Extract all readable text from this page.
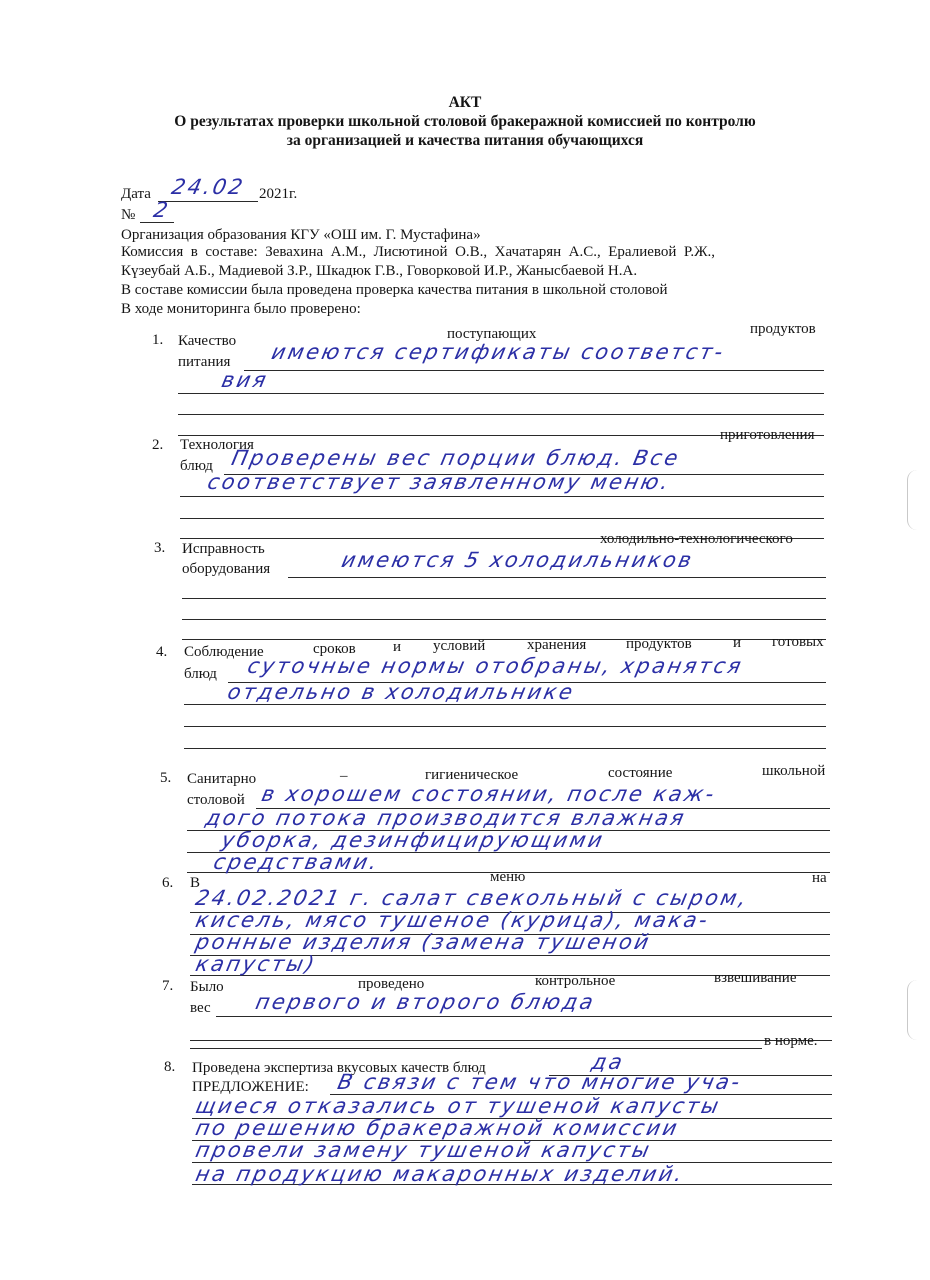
АКТ
О результатах проверки школьной столовой бракеражной комиссией по контролю
за организацией и качества питания обучающихся
Дата 24.02 2021г.
№ 2
Организация образования КГУ «ОШ им. Г. Мустафина»
Комиссия  в  составе:  Зевахина  А.М.,  Лисютиной  О.В.,  Хачатарян  А.С.,  Ералиевой  Р.Ж.,
Күзеубай А.Б., Мадиевой З.Р., Шкадюк Г.В., Говорковой И.Р., Жаныcбаевой Н.А.
В составе комиссии была проведена проверка качества питания в школьной столовой
В ходе мониторинга было проверено:
1. Качество	поступающих	продуктов
питания имеются сертификаты соответст-
вия
2. Технология
приготовления
блюд Проверены вес порции блюд. Все
соответствует заявленному меню.
3. Исправность
холодильно-технологического
оборудования	имеются 5 холодильников
4. Соблюдение	сроков и условий	хранения	продуктов	и готовых
блюд суточные нормы отобраны, хранятся
отдельно в холодильнике
5. Санитарно	–	гигиеническое	состояние	школьной
столовой в хорошем состоянии, после каж-
дого потока производится влажная
уборка, дезинфицирующими
средствами.
6. В	меню	на
24.02.2021 г. салат свекольный с сыром,
кисель, мясо тушеное (курица), мака-
ронные изделия (замена тушеной
капусты)
7. Было	проведено	контрольное	взвешивание
вес
в норме.
первого и второго блюда
8. Проведена экспертиза вкусовых качеств блюд	да
ПРЕДЛОЖЕНИЕ: В связи с тем что многие уча-
щиеся отказались от тушеной капусты
по решению бракеражной комиссии
провели замену тушеной капусты
на продукцию макаронных изделий.
